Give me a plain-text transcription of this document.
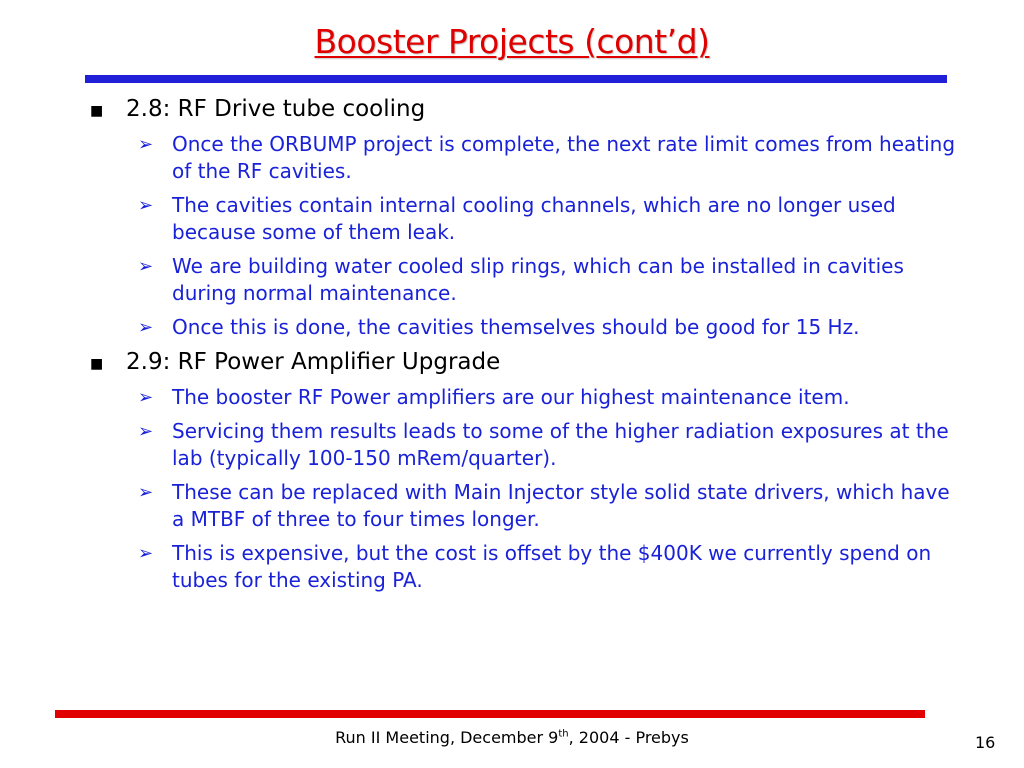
Booster Projects (cont’d)
■ 2.8: RF Drive tube cooling
➢ Once the ORBUMP project is complete, the next rate limit comes from heating of the RF cavities.
➢ The cavities contain internal cooling channels, which are no longer used because some of them leak.
➢ We are building water cooled slip rings, which can be installed in cavities during normal maintenance.
➢ Once this is done, the cavities themselves should be good for 15 Hz.
■ 2.9: RF Power Amplifier Upgrade
➢ The booster RF Power amplifiers are our highest maintenance item.
➢ Servicing them results leads to some of the higher radiation exposures at the lab (typically 100-150 mRem/quarter).
➢ These can be replaced with Main Injector style solid state drivers, which have a MTBF of three to four times longer.
➢ This is expensive, but the cost is offset by the $400K we currently spend on tubes for the existing PA.
Run II Meeting, December 9th, 2004 - Prebys	16
